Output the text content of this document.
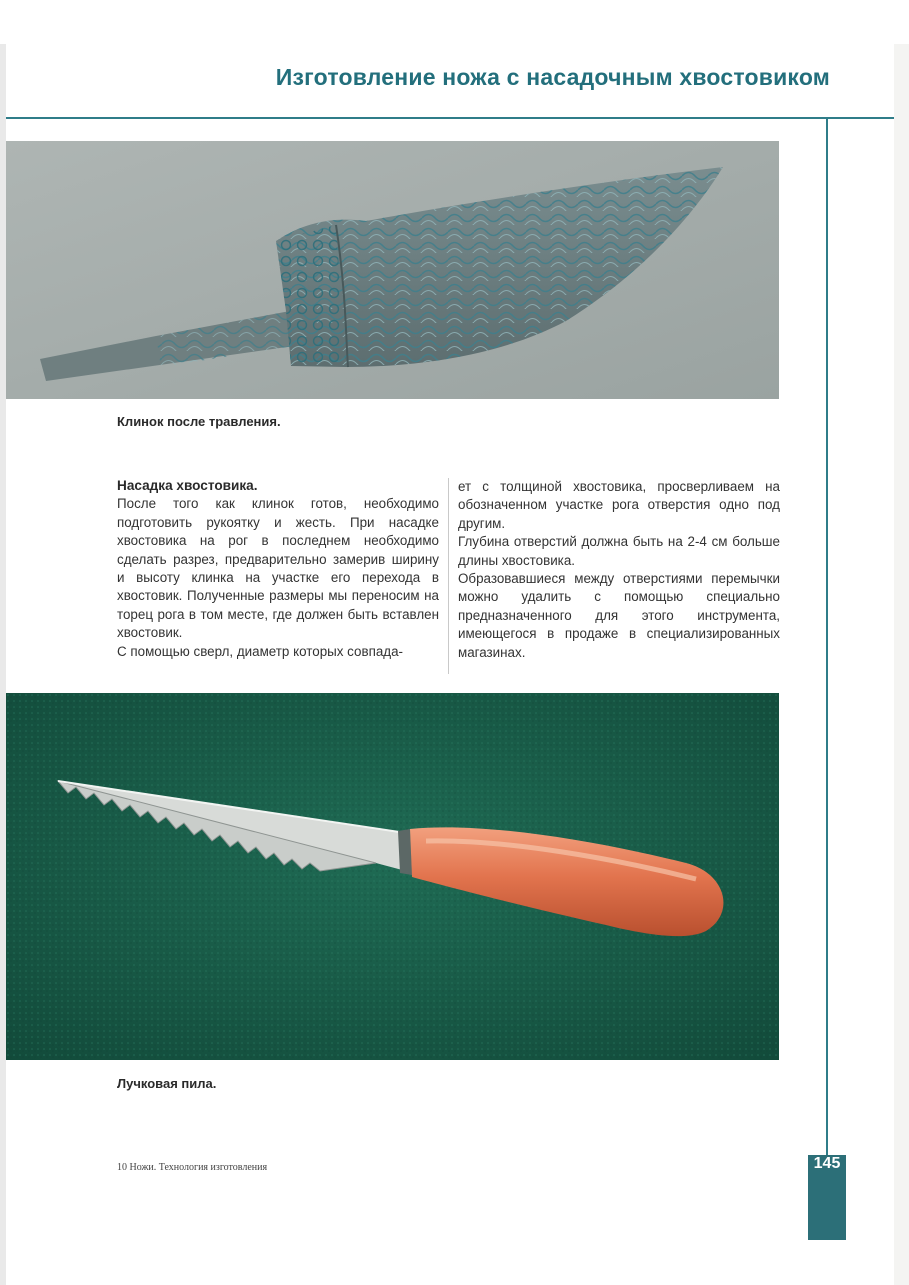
Изготовление ножа с насадочным хвостовиком
Клинок после травления.

Насадка хвостовика.

После того как клинок готов, необходимо подготовить рукоятку и жесть. При насадке хвостовика на рог в последнем необходимо сделать разрез, предварительно замерив ширину и высоту клинка на участке его перехода в хвостовик. Полученные размеры мы переносим на торец рога в том месте, где должен быть вставлен хвостовик.

С помощью сверл, диаметр которых совпада-

ет с толщиной хвостовика, просверливаем на обозначенном участке рога отверстия одно под другим.

Глубина отверстий должна быть на 2-4 см больше длины хвостовика.

Образовавшиеся между отверстиями перемычки можно удалить с помощью специально предназначенного для этого инструмента, имеющегося в продаже в специализированных магазинах.

Лучковая пила.
10 Ножи. Технология изготовления	145
